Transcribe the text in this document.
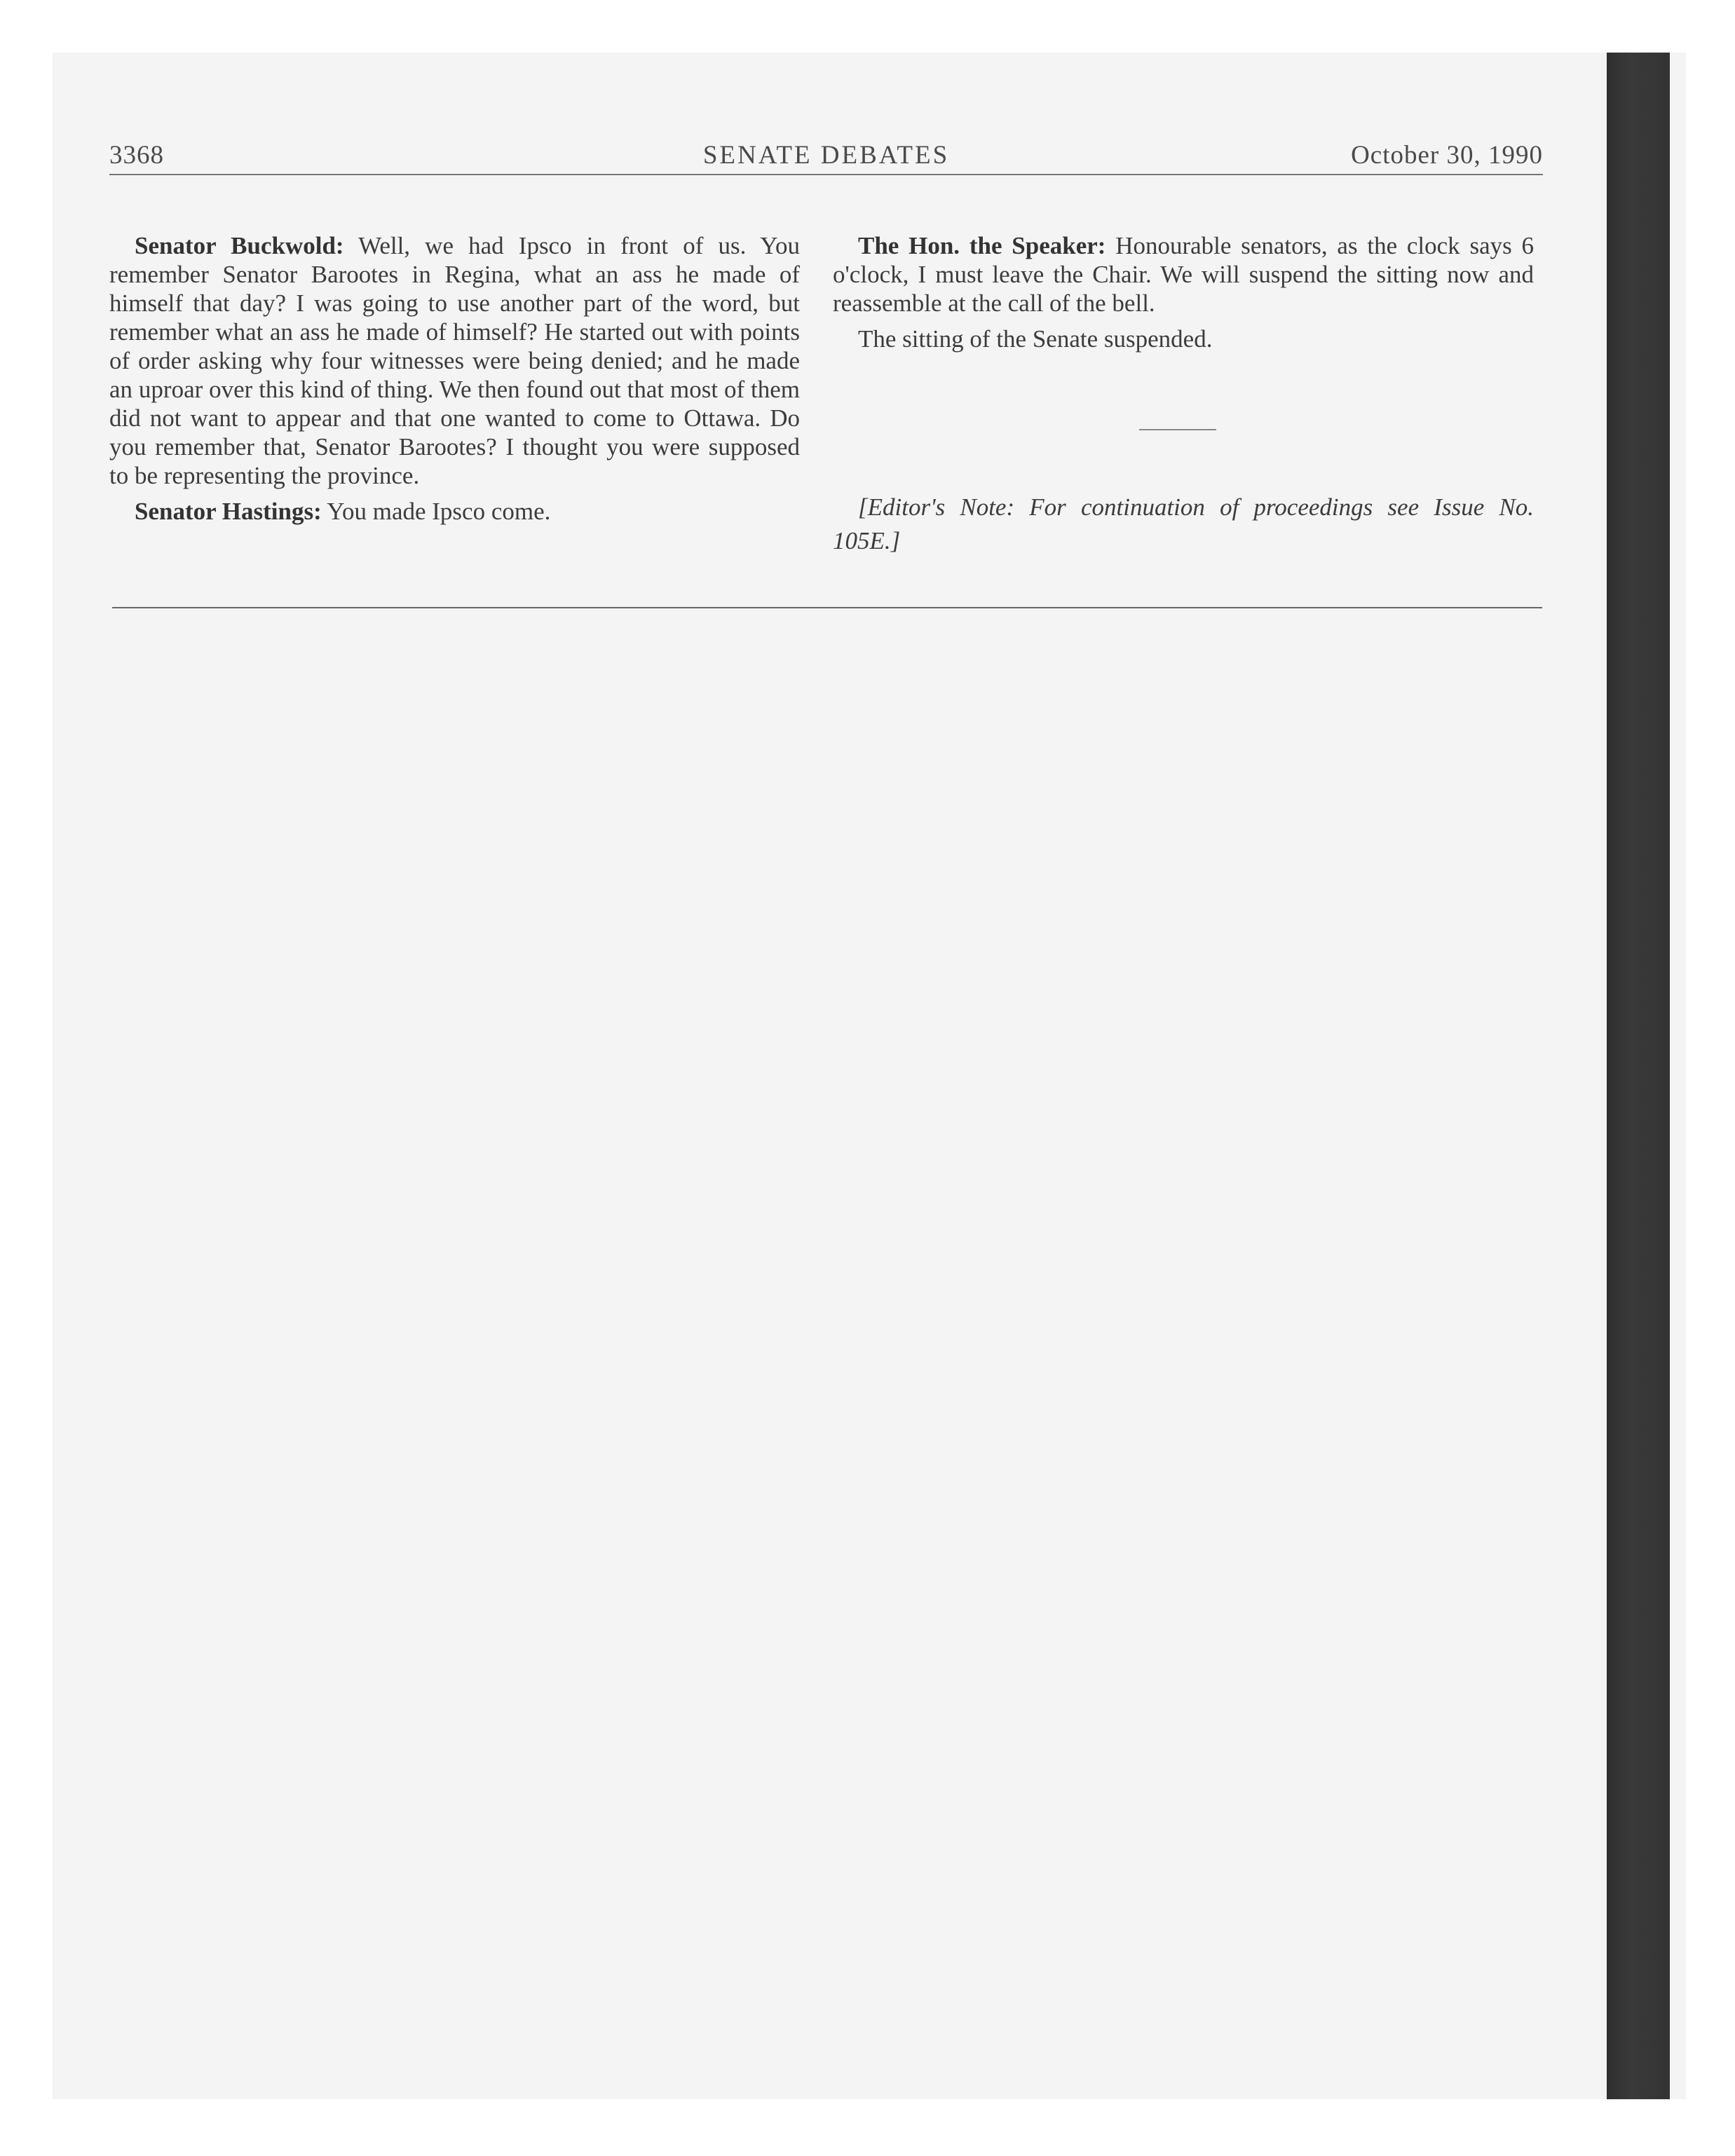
3368	SENATE DEBATES	October 30, 1990

Senator Buckwold: Well, we had Ipsco in front of us. You remember Senator Barootes in Regina, what an ass he made of himself that day? I was going to use another part of the word, but remember what an ass he made of himself? He started out with points of order asking why four witnesses were being denied; and he made an uproar over this kind of thing. We then found out that most of them did not want to appear and that one wanted to come to Ottawa. Do you remember that, Senator Barootes? I thought you were supposed to be representing the province.

Senator Hastings: You made Ipsco come.

The Hon. the Speaker: Honourable senators, as the clock says 6 o'clock, I must leave the Chair. We will suspend the sitting now and reassemble at the call of the bell.

The sitting of the Senate suspended.

[Editor's Note: For continuation of proceedings see Issue No. 105E.]
